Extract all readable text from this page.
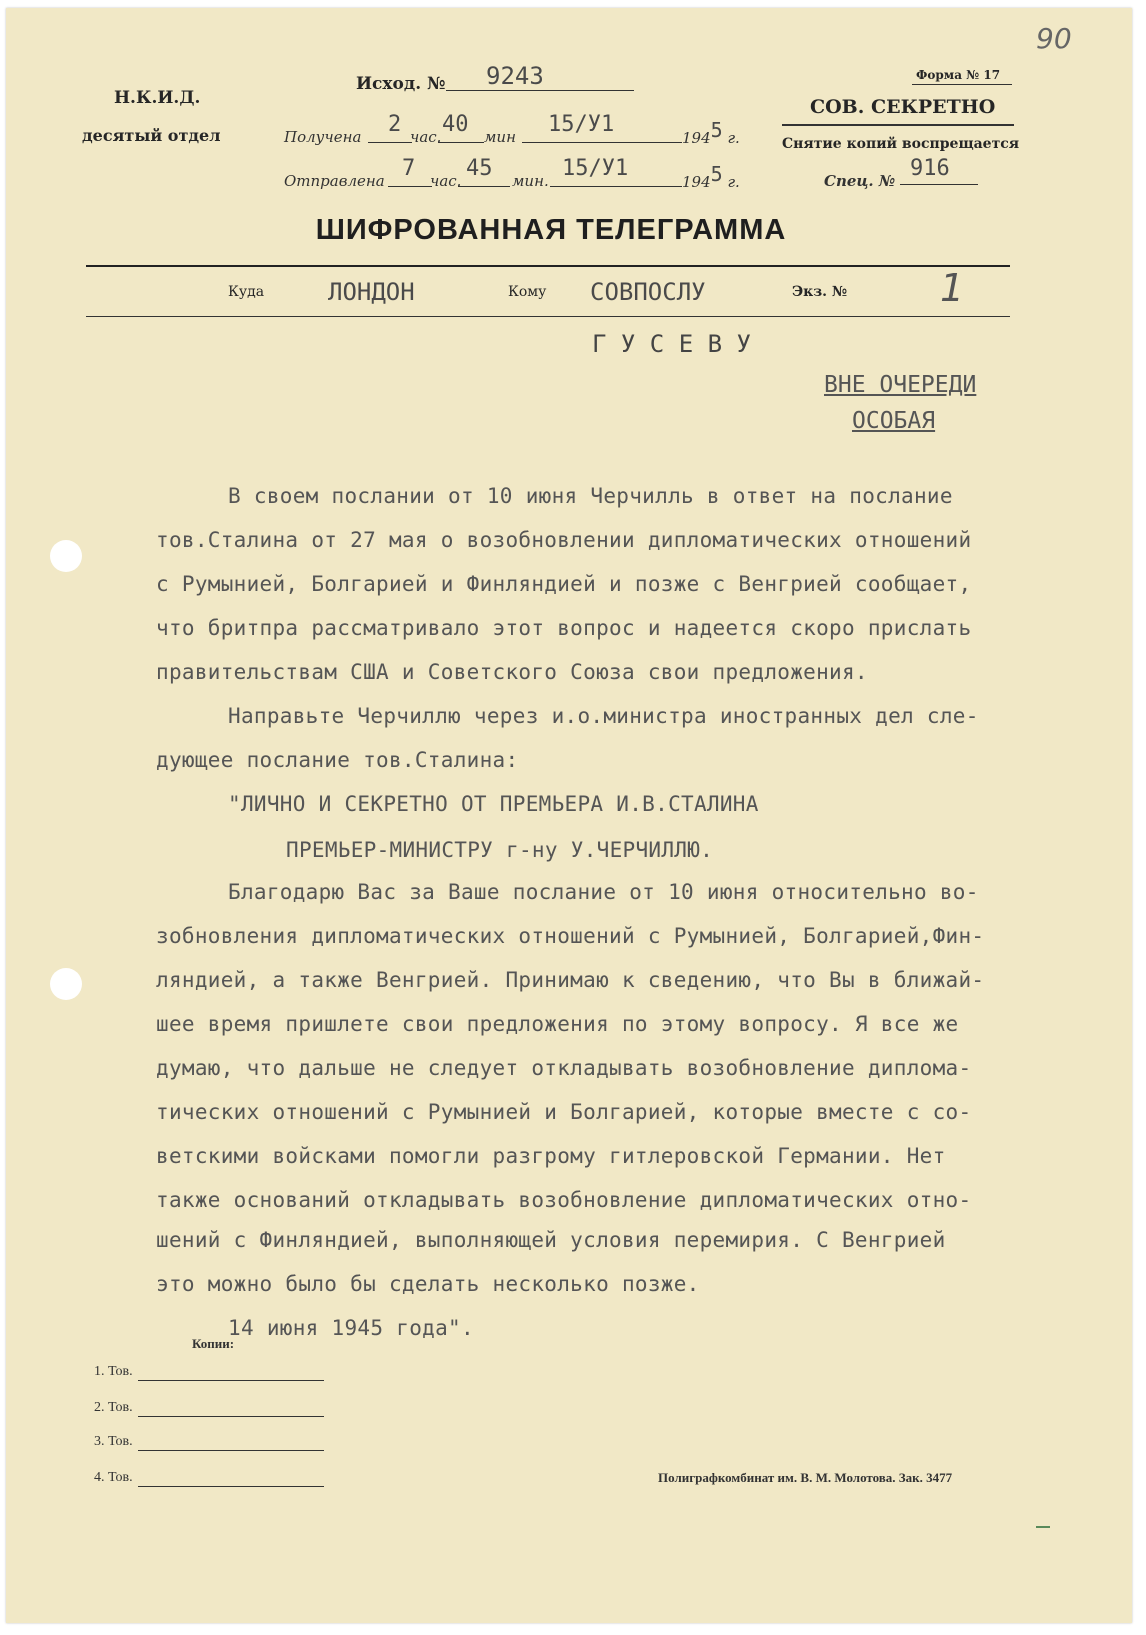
90
Н.К.И.Д.
десятый отдел
Исход. № 9243
Получена 2 час. 40 мин 15/У1
1945 г.
Отправлена 7 час. 45 мин. 15/У1
1945 г.
Форма № 17
СОВ. СЕКРЕТНО
Снятие копий воспрещается
Спец. № 916
ШИФРОВАННАЯ ТЕЛЕГРАММА
Куда	ЛОНДОН	Кому СОВПОСЛУ	Экз. № 1
Г У С Е В У
ВНЕ ОЧЕРЕДИ
ОСОБАЯ
В своем послании от 10 июня Черчилль в ответ на послание
тов.Сталина от 27 мая о возобновлении дипломатических отношений
с Румынией, Болгарией и Финляндией и позже с Венгрией сообщает,
что бритпра рассматривало этот вопрос и надеется скоро прислать
правительствам США и Советского Союза свои предложения.
Направьте Черчиллю через и.о.министра иностранных дел сле-
дующее послание тов.Сталина:
"ЛИЧНО И СЕКРЕТНО ОТ ПРЕМЬЕРА И.В.СТАЛИНА
ПРЕМЬЕР-МИНИСТРУ г-ну У.ЧЕРЧИЛЛЮ.
Благодарю Вас за Ваше послание от 10 июня относительно во-
зобновления дипломатических отношений с Румынией, Болгарией,Фин-
ляндией, а также Венгрией. Принимаю к сведению, что Вы в ближай-
шее время пришлете свои предложения по этому вопросу. Я все же
думаю, что дальше не следует откладывать возобновление диплома-
тических отношений с Румынией и Болгарией, которые вместе с со-
ветскими войсками помогли разгрому гитлеровской Германии. Нет
также оснований откладывать возобновление дипломатических отно-
шений с Финляндией, выполняющей условия перемирия. С Венгрией
это можно было бы сделать несколько позже.
14 июня 1945 года".
Копии:
1. Тов.
2. Тов.
3. Тов.
4. Тов.	Полиграфкомбинат им. В. М. Молотова. Зак. 3477
